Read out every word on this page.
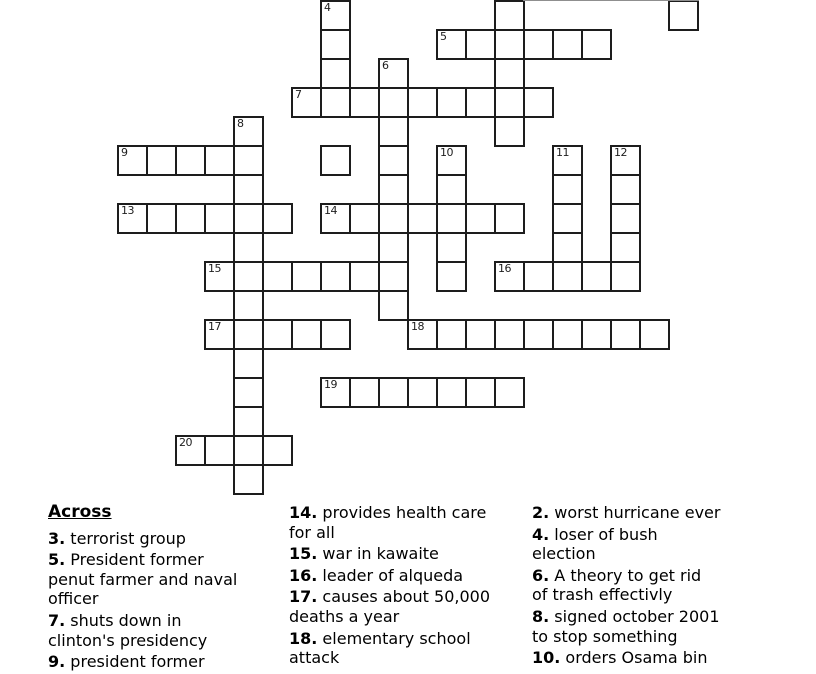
4
5
6
7
8
9	10	11	12
13	14
15	16
17	18
19
20
Across
3. terrorist group
5. President former
penut farmer and naval
officer
7. shuts down in
clinton's presidency
9. president former
14. provides health care
for all
15. war in kawaite
16. leader of alqueda
17. causes about 50,000
deaths a year
18. elementary school
attack
2. worst hurricane ever
4. loser of bush
election
6. A theory to get rid
of trash effectivly
8. signed october 2001
to stop something
10. orders Osama bin
